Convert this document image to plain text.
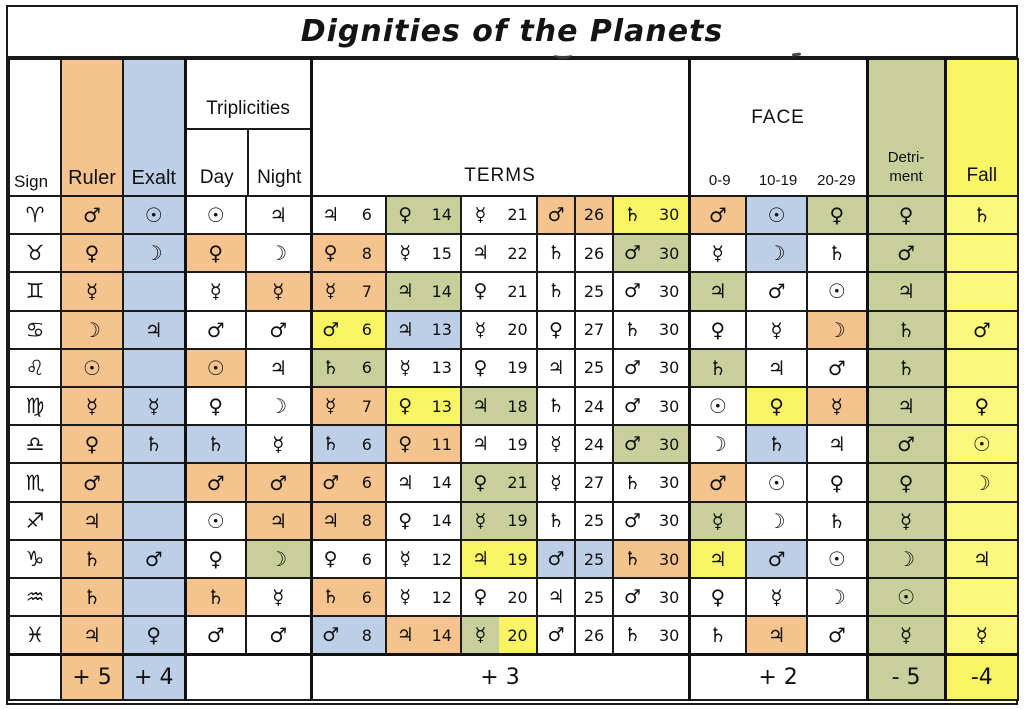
Dignities of the Planets
Sign	Ruler	Exalt	
Triplicities
Day	Night	TERMS	
FACE
0-9	10-19	20-29

Detri-
ment	Fall
♈	♂	☉	☉	♃	♃ 6	♀ 14	☿ 21	♂ 26	♄ 30	♂	☉	♀	♀	♄
♉	♀	☽	♀	☽	♀ 8	☿ 15	♃ 22	♄ 26	♂ 30	☿	☽	♄	♂	
♊	☿		☿	☿	☿ 7	♃ 14	♀ 21	♄ 25	♂ 30	♃	♂	☉	♃	
♋	☽	♃	♂	♂	♂ 6	♃ 13	☿ 20	♀ 27	♄ 30	♀	☿	☽	♄	♂
♌	☉		☉	♃	♄ 6	☿ 13	♀ 19	♃ 25	♂ 30	♄	♃	♂	♄	
♍	☿	☿	♀	☽	☿ 7	♀ 13	♃ 18	♄ 24	♂ 30	☉	♀	☿	♃	♀
♎	♀	♄	♄	☿	♄ 6	♀ 11	♃ 19	☿ 24	♂ 30	☽	♄	♃	♂	☉
♏	♂		♂	♂	♂ 6	♃ 14	♀ 21	☿ 27	♄ 30	♂	☉	♀	♀	☽
♐	♃		☉	♃	♃ 8	♀ 14	☿ 19	♄ 25	♂ 30	☿	☽	♄	☿	
♑	♄	♂	♀	☽	♀ 6	☿ 12	♃ 19	♂ 25	♄ 30	♃	♂	☉	☽	♃
♒	♄		♄	☿	♄ 6	☿ 12	♀ 20	♃ 25	♂ 30	♀	☿	☽	☉	
♓	♃	♀	♂	♂	♂ 8	♃ 14	☿ 20	♂ 26	♄ 30	♄	♃	♂	☿	☿
	+ 5	+ 4			+ 3					+ 2			- 5	-4
